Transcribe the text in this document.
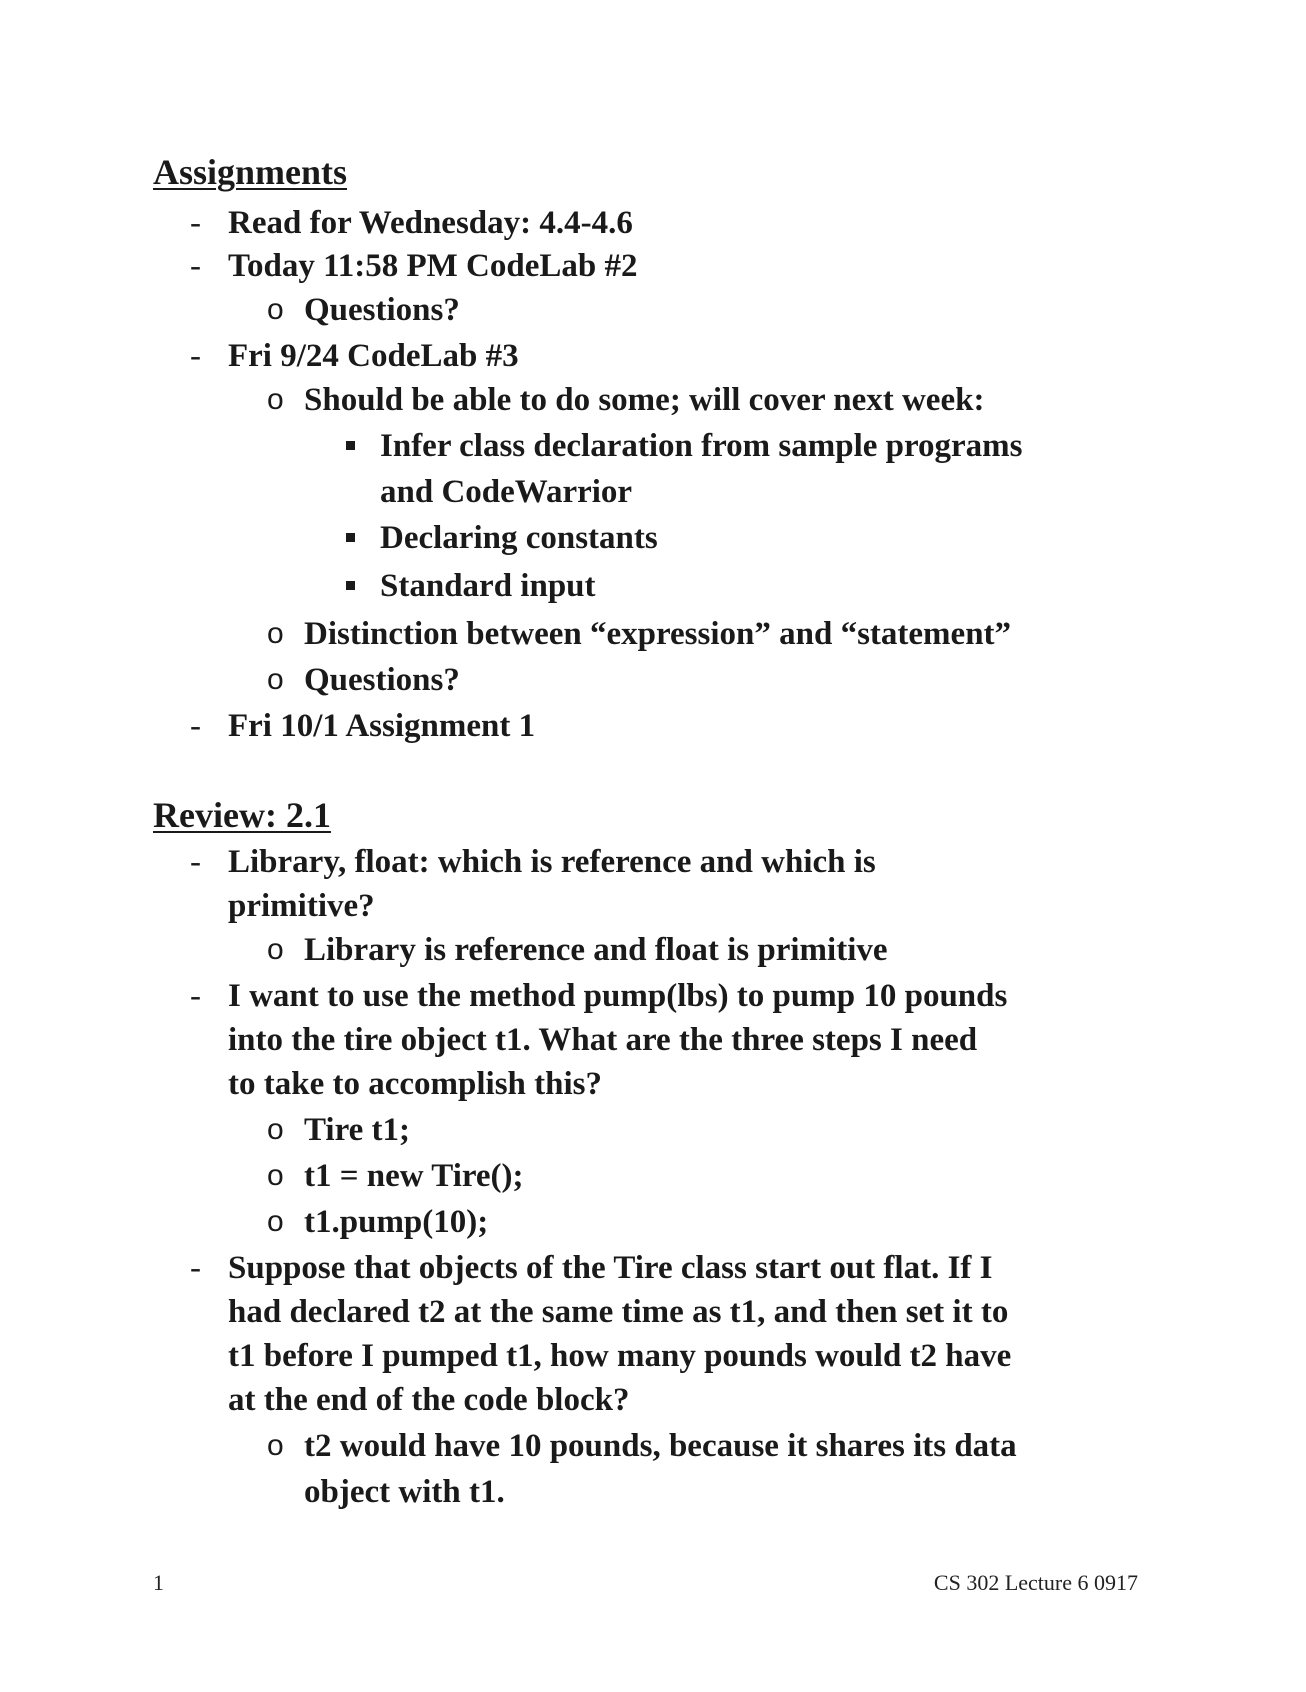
Assignments
- Read for Wednesday: 4.4-4.6
- Today 11:58 PM CodeLab #2
o Questions?
- Fri 9/24 CodeLab #3
o Should be able to do some; will cover next week:
Infer class declaration from sample programs
and CodeWarrior
Declaring constants
Standard input
o Distinction between “expression” and “statement”
o Questions?
- Fri 10/1 Assignment 1
Review: 2.1
- Library, float: which is reference and which is
primitive?
o Library is reference and float is primitive
- I want to use the method pump(lbs) to pump 10 pounds
into the tire object t1. What are the three steps I need
to take to accomplish this?
o Tire t1;
o t1 = new Tire();
o t1.pump(10);
- Suppose that objects of the Tire class start out flat. If I
had declared t2 at the same time as t1, and then set it to
t1 before I pumped t1, how many pounds would t2 have
at the end of the code block?
o t2 would have 10 pounds, because it shares its data
object with t1.
1	CS 302 Lecture 6 0917
